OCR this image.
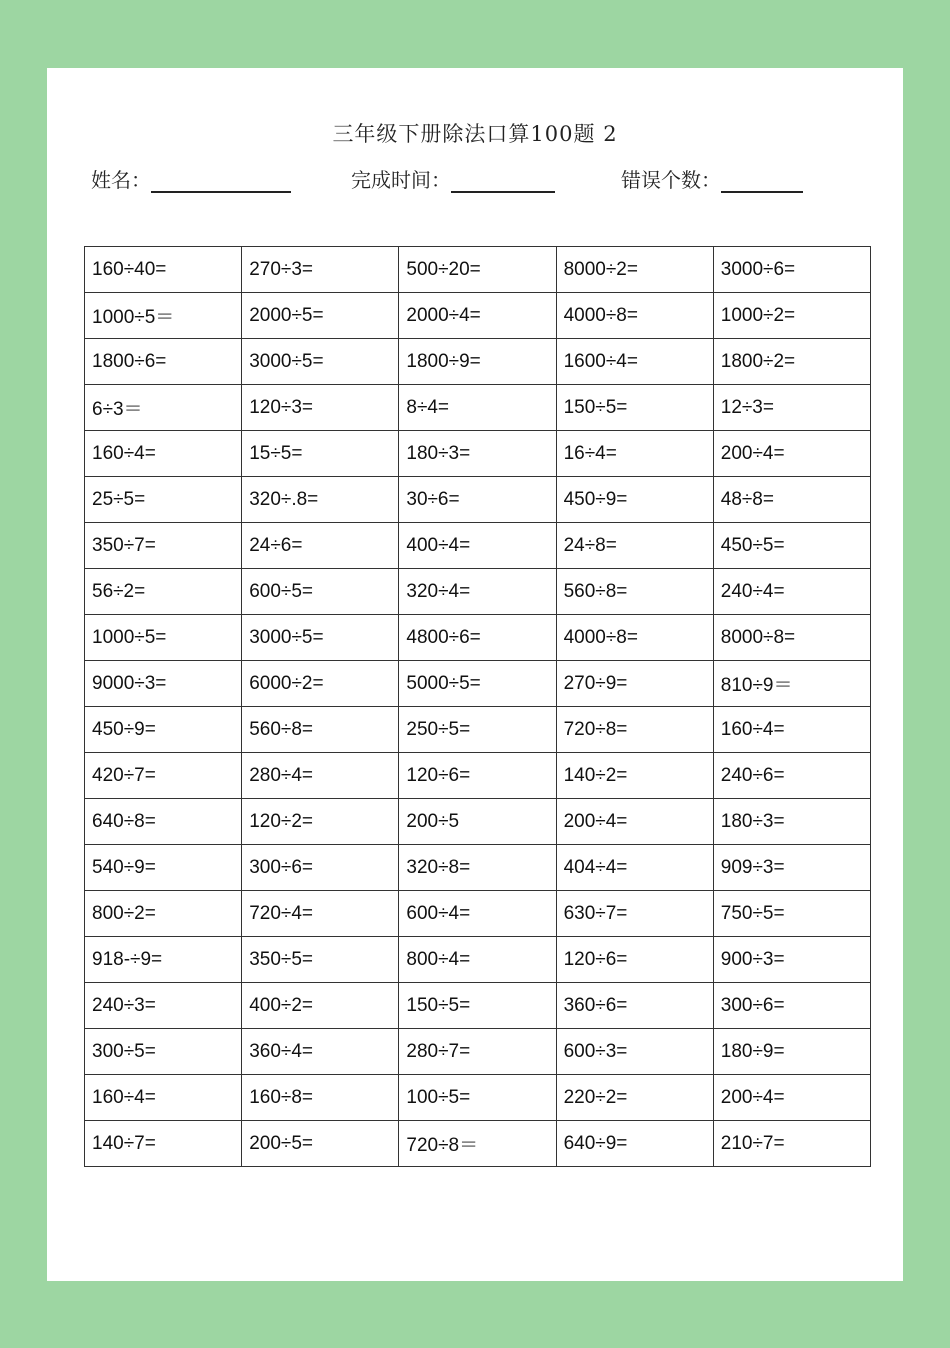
三年级下册除法口算100题 2
姓名：	完成时间：	错误个数：
160÷40=	270÷3=	500÷20=	8000÷2=	3000÷6=
1000÷5＝	2000÷5=	2000÷4=	4000÷8=	1000÷2=
1800÷6=	3000÷5=	1800÷9=	1600÷4=	1800÷2=
6÷3＝	120÷3=	8÷4=	150÷5=	12÷3=
160÷4=	15÷5=	180÷3=	16÷4=	200÷4=
25÷5=	320÷.8=	30÷6=	450÷9=	48÷8=
350÷7=	24÷6=	400÷4=	24÷8=	450÷5=
56÷2=	600÷5=	320÷4=	560÷8=	240÷4=
1000÷5=	3000÷5=	4800÷6=	4000÷8=	8000÷8=
9000÷3=	6000÷2=	5000÷5=	270÷9=	810÷9＝
450÷9=	560÷8=	250÷5=	720÷8=	160÷4=
420÷7=	280÷4=	120÷6=	140÷2=	240÷6=
640÷8=	120÷2=	200÷5	200÷4=	180÷3=
540÷9=	300÷6=	320÷8=	404÷4=	909÷3=
800÷2=	720÷4=	600÷4=	630÷7=	750÷5=
918-÷9=	350÷5=	800÷4=	120÷6=	900÷3=
240÷3=	400÷2=	150÷5=	360÷6=	300÷6=
300÷5=	360÷4=	280÷7=	600÷3=	180÷9=
160÷4=	160÷8=	100÷5=	220÷2=	200÷4=
140÷7=	200÷5=	720÷8＝	640÷9=	210÷7=
